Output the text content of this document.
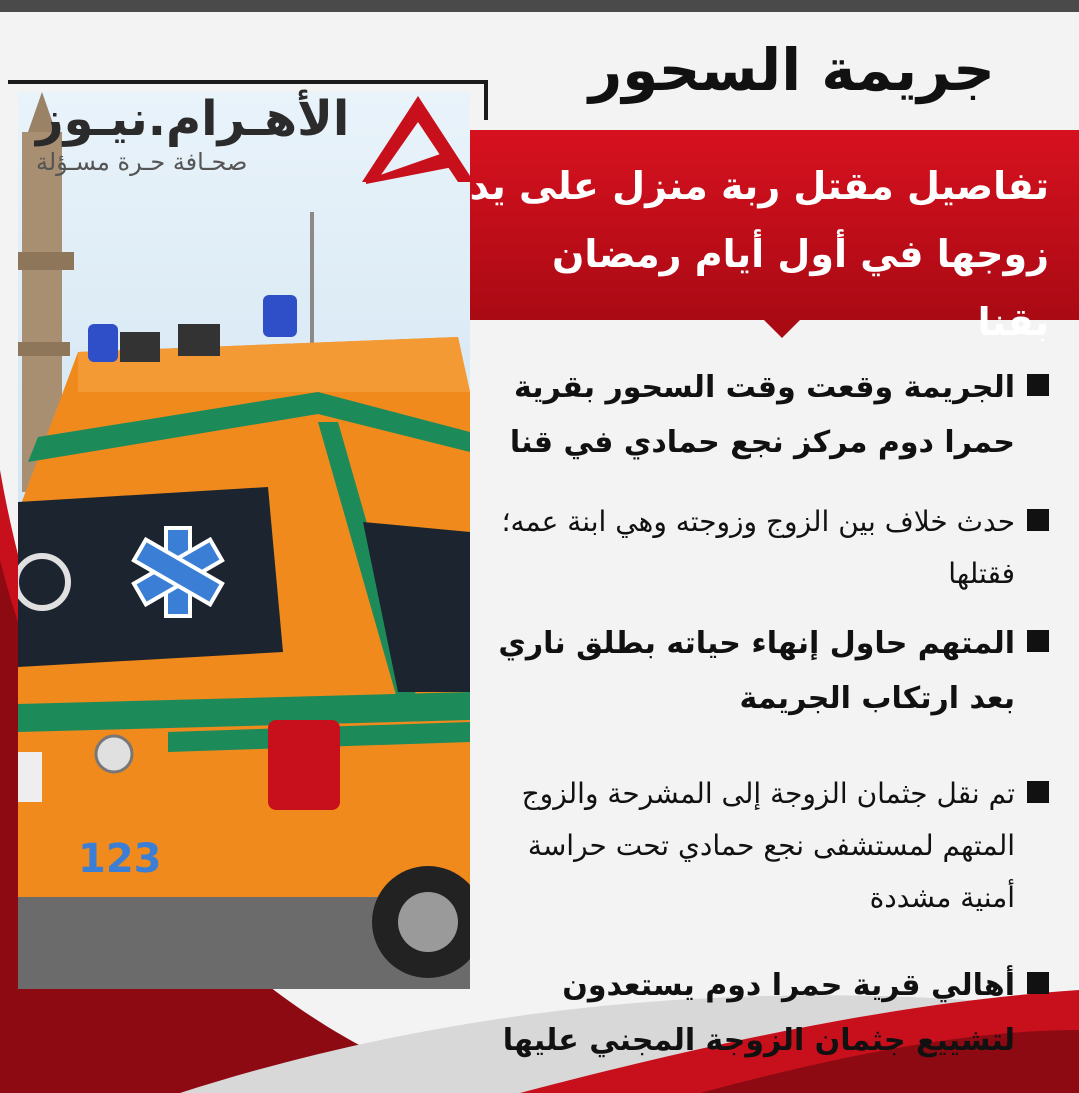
جريمة السحور
123
الأهـرام.نيـوز
صحـافة حـرة مسـؤلة
تفاصيل مقتل ربة منزل على يد زوجها في أول أيام رمضان بقنا
الجريمة وقعت وقت السحور بقرية حمرا دوم مركز نجع حمادي في قنا
حدث خلاف بين الزوج وزوجته وهي ابنة عمه؛ فقتلها
المتهم حاول إنهاء حياته بطلق ناري بعد ارتكاب الجريمة
تم نقل جثمان الزوجة إلى المشرحة والزوج المتهم لمستشفى نجع حمادي تحت حراسة أمنية مشددة
أهالي قرية حمرا دوم يستعدون لتشييع جثمان الزوجة المجني عليها
